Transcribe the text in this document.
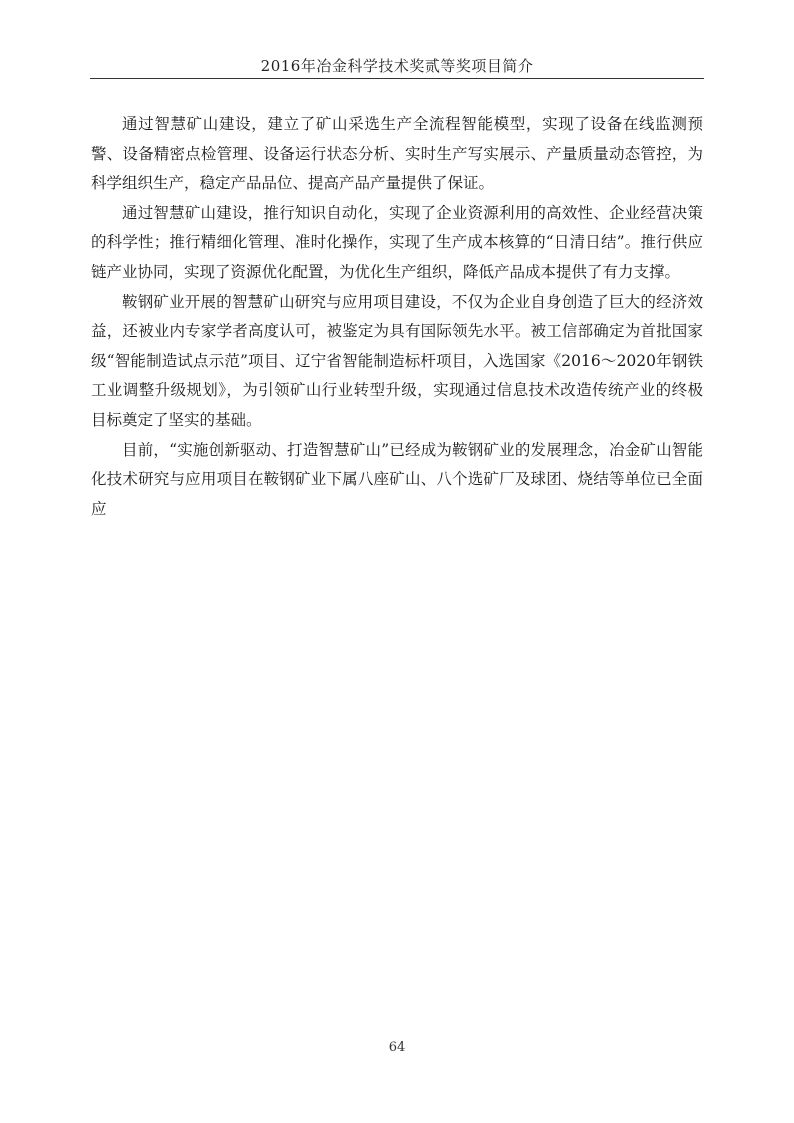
2016年冶金科学技术奖贰等奖项目简介

通过智慧矿山建设，建立了矿山采选生产全流程智能模型，实现了设备在线监测预警、设备精密点检管理、设备运行状态分析、实时生产写实展示、产量质量动态管控，为科学组织生产，稳定产品品位、提高产品产量提供了保证。

通过智慧矿山建设，推行知识自动化，实现了企业资源利用的高效性、企业经营决策的科学性；推行精细化管理、准时化操作，实现了生产成本核算的“日清日结”。推行供应链产业协同，实现了资源优化配置，为优化生产组织，降低产品成本提供了有力支撑。

鞍钢矿业开展的智慧矿山研究与应用项目建设，不仅为企业自身创造了巨大的经济效益，还被业内专家学者高度认可，被鉴定为具有国际领先水平。被工信部确定为首批国家级“智能制造试点示范”项目、辽宁省智能制造标杆项目，入选国家《2016～2020年钢铁工业调整升级规划》，为引领矿山行业转型升级，实现通过信息技术改造传统产业的终极目标奠定了坚实的基础。

目前，“实施创新驱动、打造智慧矿山”已经成为鞍钢矿业的发展理念，冶金矿山智能化技术研究与应用项目在鞍钢矿业下属八座矿山、八个选矿厂及球团、烧结等单位已全面应

64
